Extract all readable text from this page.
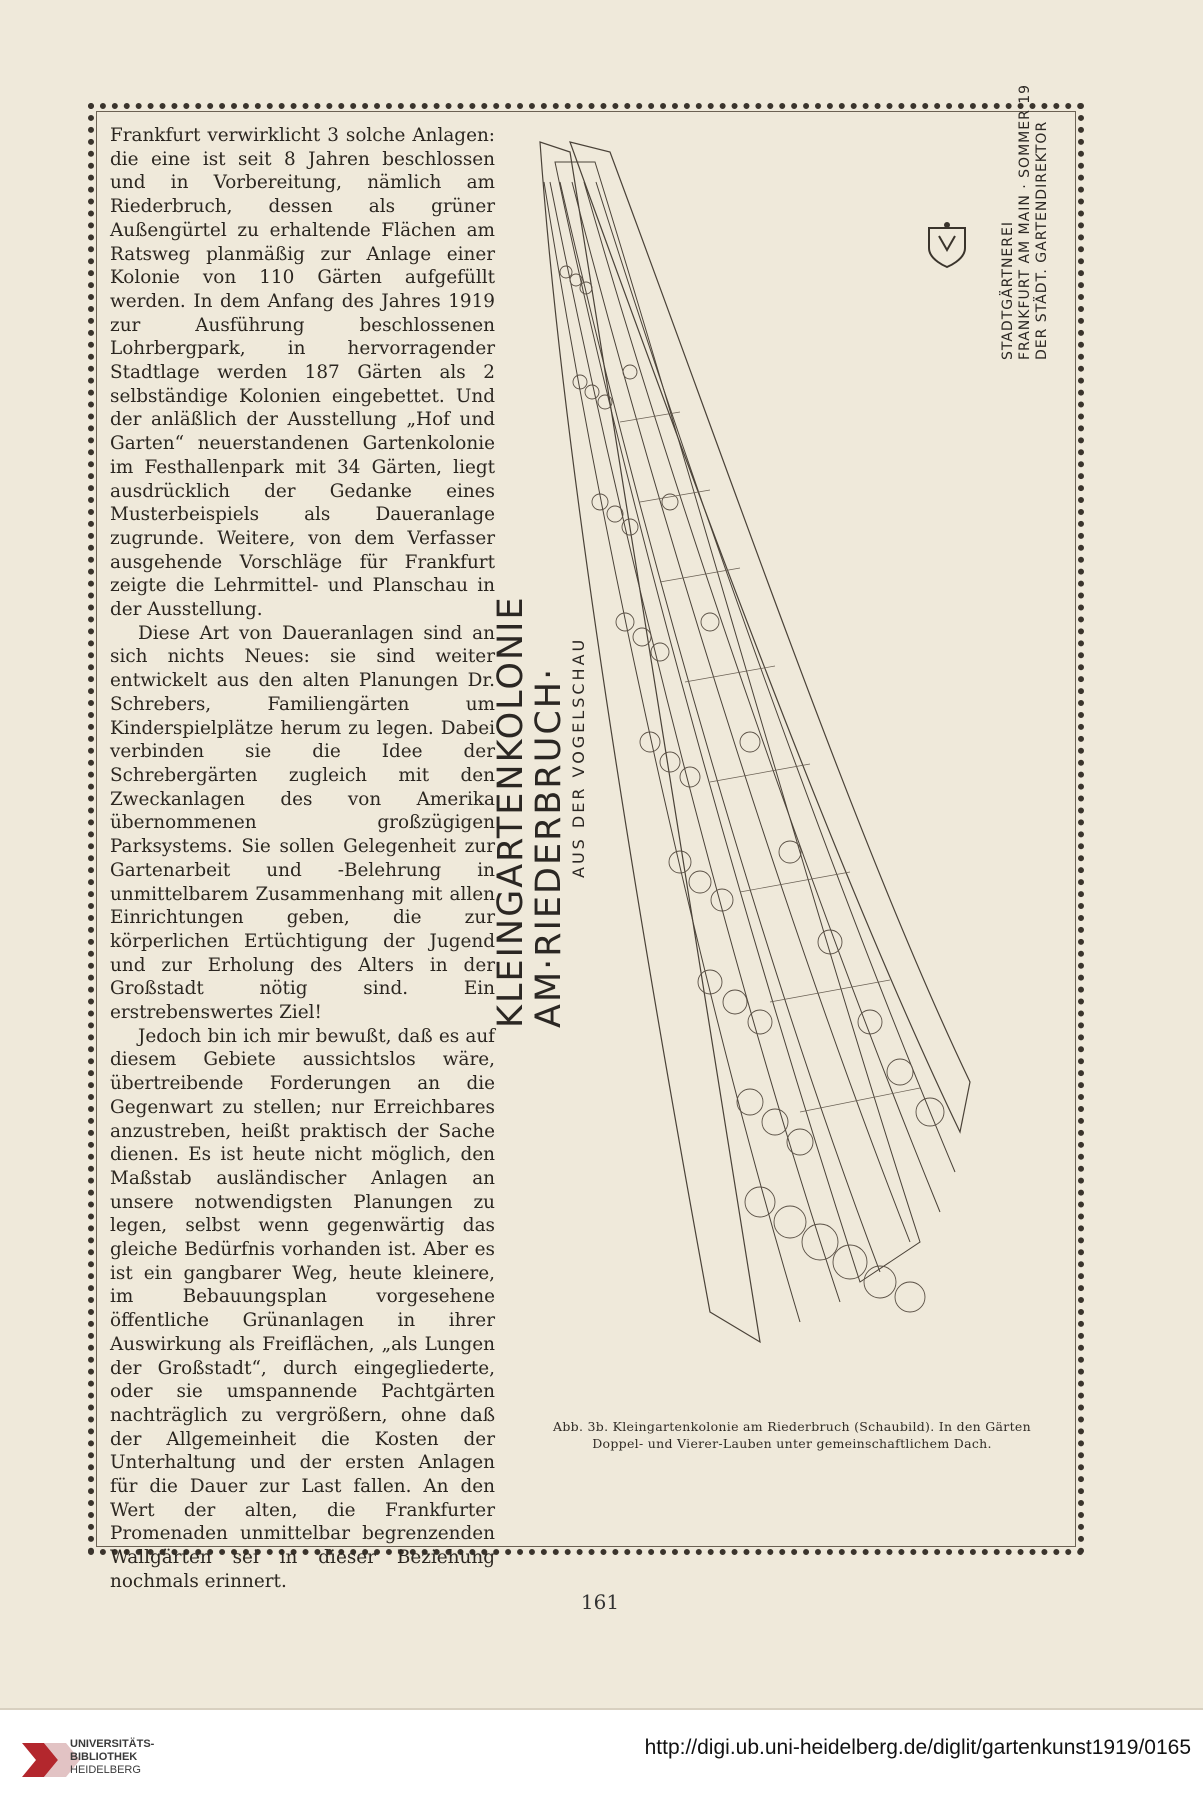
Frankfurt verwirklicht 3 solche Anlagen: die eine ist seit 8 Jahren beschlossen und in Vorbereitung, nämlich am Riederbruch, dessen als grüner Außengürtel zu erhaltende Flächen am Ratsweg planmäßig zur Anlage einer Kolonie von 110 Gärten aufgefüllt werden. In dem Anfang des Jahres 1919 zur Ausführung beschlossenen Lohrbergpark, in hervorragender Stadtlage werden 187 Gärten als 2 selbständige Kolonien eingebettet. Und der anläßlich der Ausstellung „Hof und Garten“ neuerstandenen Gartenkolonie im Festhallenpark mit 34 Gärten, liegt ausdrücklich der Gedanke eines Musterbeispiels als Daueranlage zugrunde. Weitere, von dem Verfasser ausgehende Vorschläge für Frankfurt zeigte die Lehrmittel- und Planschau in der Ausstellung.

Diese Art von Daueranlagen sind an sich nichts Neues: sie sind weiter entwickelt aus den alten Planungen Dr. Schrebers, Familiengärten um Kinderspielplätze herum zu legen. Dabei verbinden sie die Idee der Schrebergärten zugleich mit den Zweckanlagen des von Amerika übernommenen großzügigen Parksystems. Sie sollen Gelegenheit zur Gartenarbeit und -Belehrung in unmittelbarem Zusammenhang mit allen Einrichtungen geben, die zur körperlichen Ertüchtigung der Jugend und zur Erholung des Alters in der Großstadt nötig sind. Ein erstrebenswertes Ziel!

Jedoch bin ich mir bewußt, daß es auf diesem Gebiete aussichtslos wäre, übertreibende Forderungen an die Gegenwart zu stellen; nur Erreichbares anzustreben, heißt praktisch der Sache dienen. Es ist heute nicht möglich, den Maßstab ausländischer Anlagen an unsere notwendigsten Planungen zu legen, selbst wenn gegenwärtig das gleiche Bedürfnis vorhanden ist. Aber es ist ein gangbarer Weg, heute kleinere, im Bebauungsplan vorgesehene öffentliche Grünanlagen in ihrer Auswirkung als Freiflächen, „als Lungen der Großstadt“, durch eingegliederte, oder sie umspannende Pachtgärten nachträglich zu vergrößern, ohne daß der Allgemeinheit die Kosten der Unterhaltung und der ersten Anlagen für die Dauer zur Last fallen. An den Wert der alten, die Frankfurter Promenaden unmittelbar begrenzenden Wallgärten sei in dieser Beziehung nochmals erinnert.

KLEINGARTENKOLONIE
AM·RIEDERBRUCH· AUS DER VOGELSCHAU
STADTGÄRTNEREI FRANKFURT AM MAIN · SOMMER 19 DER STÄDT. GARTENDIREKTOR
Abb. 3b. Kleingartenkolonie am Riederbruch (Schaubild). In den Gärten
Doppel- und Vierer-Lauben unter gemeinschaftlichem Dach.
161
UNIVERSITÄTS-
BIBLIOTHEK
HEIDELBERG
http://digi.ub.uni-heidelberg.de/diglit/gartenkunst1919/0165
